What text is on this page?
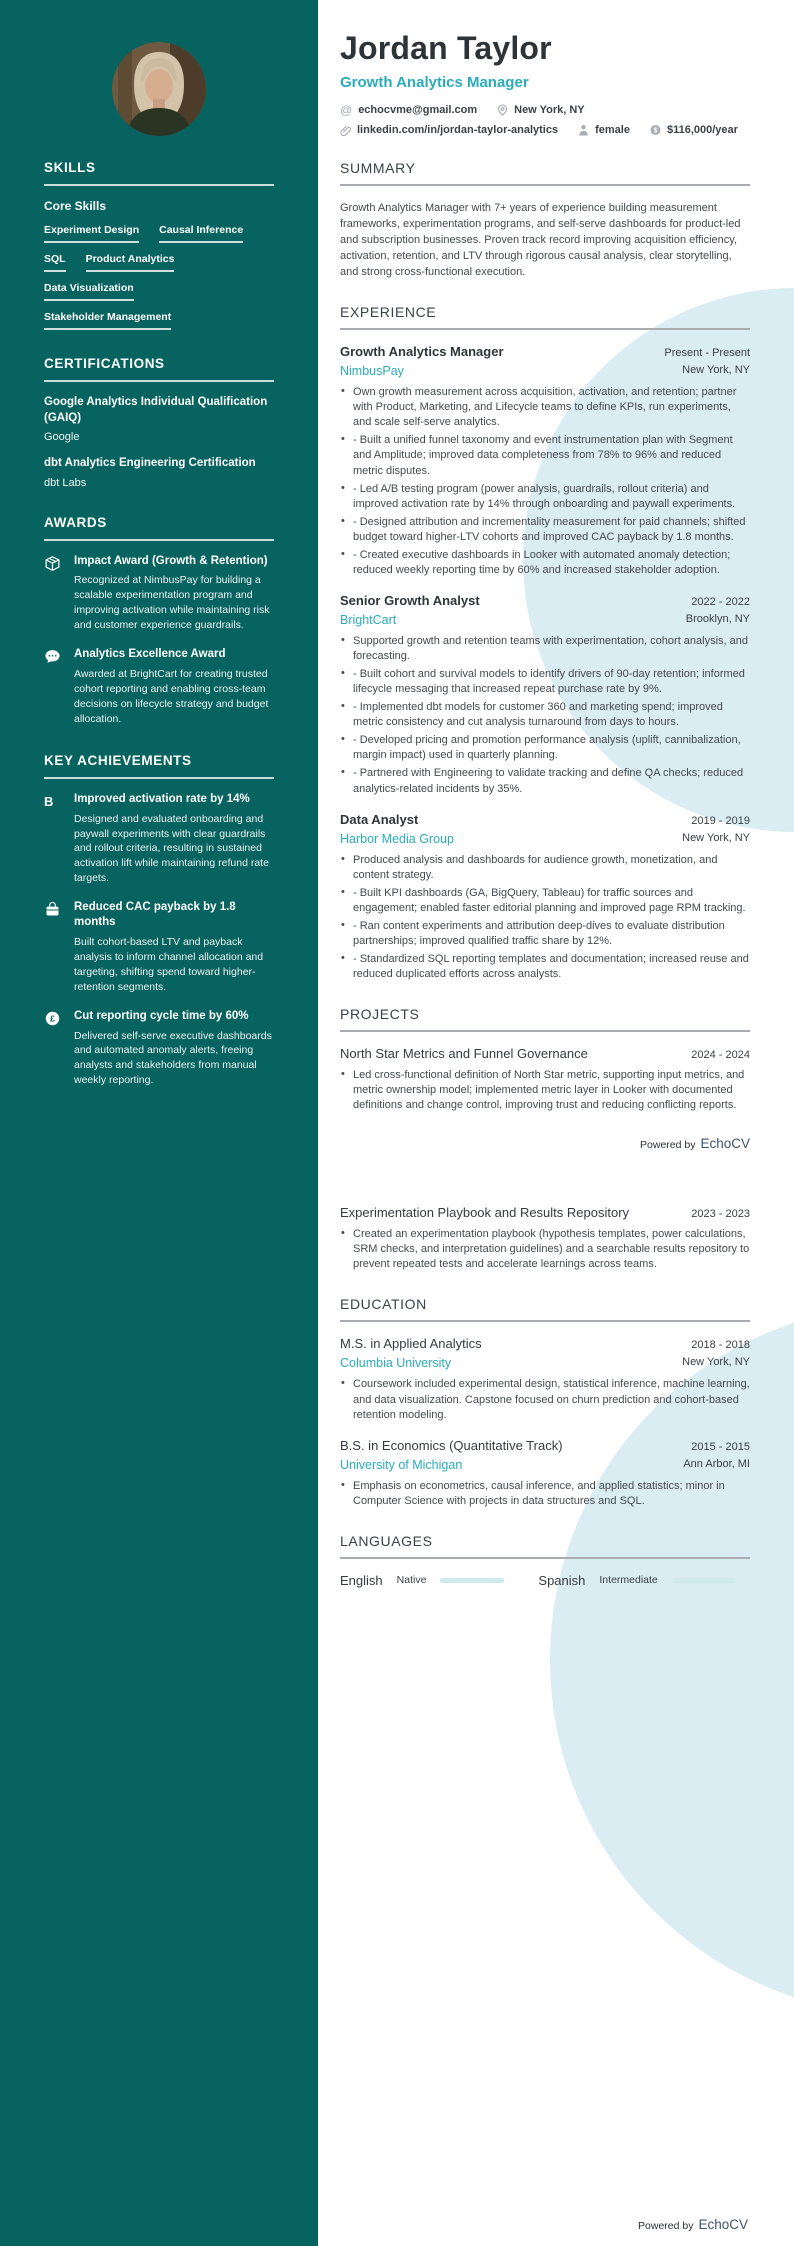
SKILLS
Core Skills
Experiment Design Causal Inference
SQL Product Analytics
Data Visualization
Stakeholder Management
CERTIFICATIONS
Google Analytics Individual Qualification (GAIQ)
Google
dbt Analytics Engineering Certification
dbt Labs
AWARDS
Impact Award (Growth & Retention)
Recognized at NimbusPay for building a scalable experimentation program and improving activation while maintaining risk and customer experience guardrails.
Analytics Excellence Award
Awarded at BrightCart for creating trusted cohort reporting and enabling cross-team decisions on lifecycle strategy and budget allocation.
KEY ACHIEVEMENTS
B	Improved activation rate by 14%
Designed and evaluated onboarding and paywall experiments with clear guardrails and rollout criteria, resulting in sustained activation lift while maintaining refund rate targets.
Reduced CAC payback by 1.8 months
Built cohort-based LTV and payback analysis to inform channel allocation and targeting, shifting spend toward higher-retention segments.
£ Cut reporting cycle time by 60%
Delivered self-serve executive dashboards and automated anomaly alerts, freeing analysts and stakeholders from manual weekly reporting.
Jordan Taylor
Growth Analytics Manager
@ echocvme@gmail.com	New York, NY
linkedin.com/in/jordan-taylor-analytics	female	$ $116,000/year
SUMMARY

Growth Analytics Manager with 7+ years of experience building measurement frameworks, experimentation programs, and self-serve dashboards for product-led and subscription businesses. Proven track record improving acquisition efficiency, activation, retention, and LTV through rigorous causal analysis, clear storytelling, and strong cross-functional execution.

EXPERIENCE
Growth Analytics Manager	Present - Present
NimbusPay	New York, NY
• Own growth measurement across acquisition, activation, and retention; partner with Product, Marketing, and Lifecycle teams to define KPIs, run experiments, and scale self-serve analytics.
• - Built a unified funnel taxonomy and event instrumentation plan with Segment and Amplitude; improved data completeness from 78% to 96% and reduced metric disputes.
• - Led A/B testing program (power analysis, guardrails, rollout criteria) and improved activation rate by 14% through onboarding and paywall experiments.
• - Designed attribution and incrementality measurement for paid channels; shifted budget toward higher-LTV cohorts and improved CAC payback by 1.8 months.
• - Created executive dashboards in Looker with automated anomaly detection; reduced weekly reporting time by 60% and increased stakeholder adoption.
Senior Growth Analyst	2022 - 2022
BrightCart	Brooklyn, NY
• Supported growth and retention teams with experimentation, cohort analysis, and forecasting.
• - Built cohort and survival models to identify drivers of 90-day retention; informed lifecycle messaging that increased repeat purchase rate by 9%.
• - Implemented dbt models for customer 360 and marketing spend; improved metric consistency and cut analysis turnaround from days to hours.
• - Developed pricing and promotion performance analysis (uplift, cannibalization, margin impact) used in quarterly planning.
• - Partnered with Engineering to validate tracking and define QA checks; reduced analytics-related incidents by 35%.
Data Analyst	2019 - 2019
Harbor Media Group	New York, NY
• Produced analysis and dashboards for audience growth, monetization, and content strategy.
• - Built KPI dashboards (GA, BigQuery, Tableau) for traffic sources and engagement; enabled faster editorial planning and improved page RPM tracking.
• - Ran content experiments and attribution deep-dives to evaluate distribution partnerships; improved qualified traffic share by 12%.
• - Standardized SQL reporting templates and documentation; increased reuse and reduced duplicated efforts across analysts.
PROJECTS
North Star Metrics and Funnel Governance	2024 - 2024
• Led cross-functional definition of North Star metric, supporting input metrics, and metric ownership model; implemented metric layer in Looker with documented definitions and change control, improving trust and reducing conflicting reports.
Powered by EchoCV
Experimentation Playbook and Results Repository	2023 - 2023
• Created an experimentation playbook (hypothesis templates, power calculations, SRM checks, and interpretation guidelines) and a searchable results repository to prevent repeated tests and accelerate learnings across teams.
EDUCATION
M.S. in Applied Analytics	2018 - 2018
Columbia University	New York, NY
• Coursework included experimental design, statistical inference, machine learning, and data visualization. Capstone focused on churn prediction and cohort-based retention modeling.
B.S. in Economics (Quantitative Track)	2015 - 2015
University of Michigan	Ann Arbor, MI
• Emphasis on econometrics, causal inference, and applied statistics; minor in Computer Science with projects in data structures and SQL.
LANGUAGES
English Native	Spanish Intermediate
Powered by EchoCV
